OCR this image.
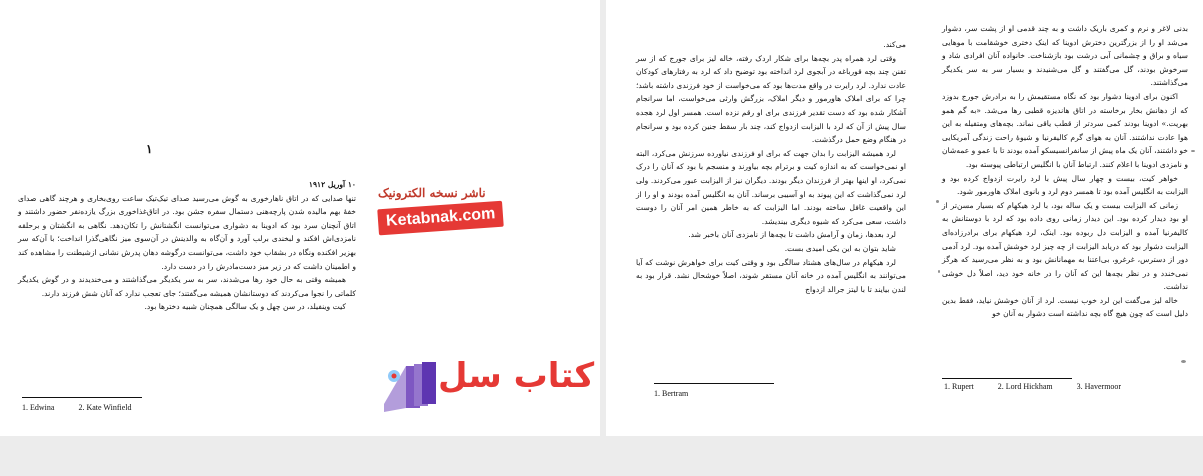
۱

۱۰ آوریل ۱۹۱۲

تنها صدایی که در اتاق ناهارخوری به گوش می‌رسید صدای تیک‌تیک ساعت روی‌بخاری و هرچند گاهی صدای خفهٔ بهم مالیده شدن پارچه‌هنی دستمال سفره جشن بود. در اتاق‌غذاخوری بزرگ یازده‌نفر حضور داشتند و اتاق آنچنان سرد بود که ادوینا به دشواری می‌توانست انگشتانش را تکان‌دهد. نگاهی به انگشتان و برحلقه نامزدی‌اش افکند و لبخندی برلب آورد و آن‌گاه به والدینش در آن‌سوی میز نگاهی‌گذرا انداخت؛ با آن‌که سر بهزیر افکنده ونگاه در بشقاب خود داشت، می‌توانست درگوشه دهان پدرش نشانی ازشیطنت را مشاهده کند و اطمینان داشت که در زیر میز دست‌مادرش را در دست دارد.

همیشه وقتی به حال خود رها می‌شدند، سر به سر یکدیگر می‌گذاشتند و می‌خندیدند و در گوش یکدیگر کلماتی را نجوا می‌کردند که دوستانشان همیشه می‌گفتند؛ جای تعجب ندارد که آنان شش فرزند دارند.

کیت وینفیلد، در سن چهل و یک سالگی همچنان شبیه دخترها بود.

1. Edwina	2. Kate Winfield
ناشر نسخه الکترونیک
Ketabnak.com
کتاب سل

می‌کند.

وقتی لرد همراه پدر بچه‌ها برای شکار اردک رفته، خاله لیز برای جورج که از سر تفنن چند بچه قورباغه در آبجوی لرد انداخته بود توضیح داد که لرد به رفتارهای کودکان عادت ندارد. لرد رایرت در واقع مدت‌ها بود که می‌خواست از خود فرزندی داشته باشد؛ چرا که برای املاک هاورمور و دیگر املاک، بزرگش وارثی می‌خواست، اما سرانجام آشکار شده بود که دست تقدیر فرزندی برای او رقم نزده است. همسر اول لرد هجده سال پیش از آن که لرد با الیزابت ازدواج کند، چند بار سقط جنین کرده بود و سرانجام در هنگام وضع حمل درگذشت.

لرد همیشه الیزابت را بدان جهت که برای او فرزندی نیاورده سرزنش می‌کرد، البته او نمی‌خواست که به اندازه کیت و برترام بچه بیاورند و منسجم با بود که آنان را درک نمی‌کرد، او اینها بهتر از فرزندان دیگر بودند. دیگران نیز از الیزابت عبور می‌کردند. ولی لرد نمی‌گذاشت که این پیوند به او آسیبی برساند. آنان به انگلیس آمده بودند و او را از این واقعیت غافل ساخته بودند. اما الیزابت که به خاطر همین امر آنان را دوست داشت، سعی می‌کرد که شیوه دیگری بیندیشد.

لرد بعدها، زمان و آرامش داشت تا بچه‌ها از نامزدی آنان باخبر شد.

شاید بتوان به این یکی امیدی بست.

لرد هیکهام در سال‌های هشتاد سالگی بود و وقتی کیت برای خواهرش نوشت که آیا می‌توانند به انگلیس آمده در خانه آنان مستقر شوند، اصلاً خوشحال نشد. قرار بود به لندن بیایند تا با لیتز جرالد ازدواج

1. Bertram

بدنی لاغر و نرم و کمری باریک داشت و به چند قدمی او از پشت سر، دشوار می‌شد او را از بزرگترین دخترش ادوینا که اینک دختری خوشقامت با موهایی سیاه و براق و چشمانی آبی درشت بود بازشناخت. خانواده آنان افرادی شاد و سرخوش بودند، گل می‌گفتند و گل می‌شنیدند و بسیار سر به سر یکدیگر می‌گذاشتند.

اکنون برای ادوینا دشوار بود که نگاه مستقیمش را به برادرش جورج بدوزد که از دهانش بخار برخاسته در اتاق هاندیزه قطبی رها می‌شد. «به گم همو بهریت.» ادوینا بودند کمی سردتر از قطب یاقی نماند. بچه‌های ومتفیله به این هوا عادت نداشتند. آنان به هوای گرم کالیفرنیا و شیوهٔ راحت زندگی آمریکایی خو داشتند، آنان یک ماه پیش از سانفرانسیسکو آمده بودند تا با عمو و عمه‌شان و نامزدی ادوینا با اعلام کنند. ارتباط آنان با انگلیس ارتباطی پیوسته بود.

خواهر کیت، بیست و چهار سال پیش با لرد رایرت ازدواج کرده بود و الیزابت به انگلیس آمده بود تا همسر دوم لرد و بانوی املاک هاورمور شود.

زمانی که الیزابت بیست و یک ساله بود، با لرد هیکهام که بسیار مسن‌تر از او بود دیدار کرده بود. این دیدار زمانی روی داده بود که لرد با دوستانش به کالیفرنیا آمده و الیزابت دل ربوده بود. اینک، لرد هیکهام برای برادرزاده‌ای الیزابت دشوار بود که دریابد الیزابت از چه چیز لرد خوشش آمده بود. لرد آدمی دور از دسترس، غرغرو، بی‌اعتنا به مهمانانش بود و به نظر می‌رسید که هرگز نمی‌خندد و در نظر بچه‌ها این که آنان را در خانه خود دید، اصلاً دل خوشی نداشت.

خاله لیز می‌گفت این لرد خوب نیست. لرد از آنان خوشش نیاید، فقط بدین دلیل است که چون هیچ گاه بچه نداشته است دشوار به آنان خو

1. Rupert	2. Lord Hickham	3. Havermoor
